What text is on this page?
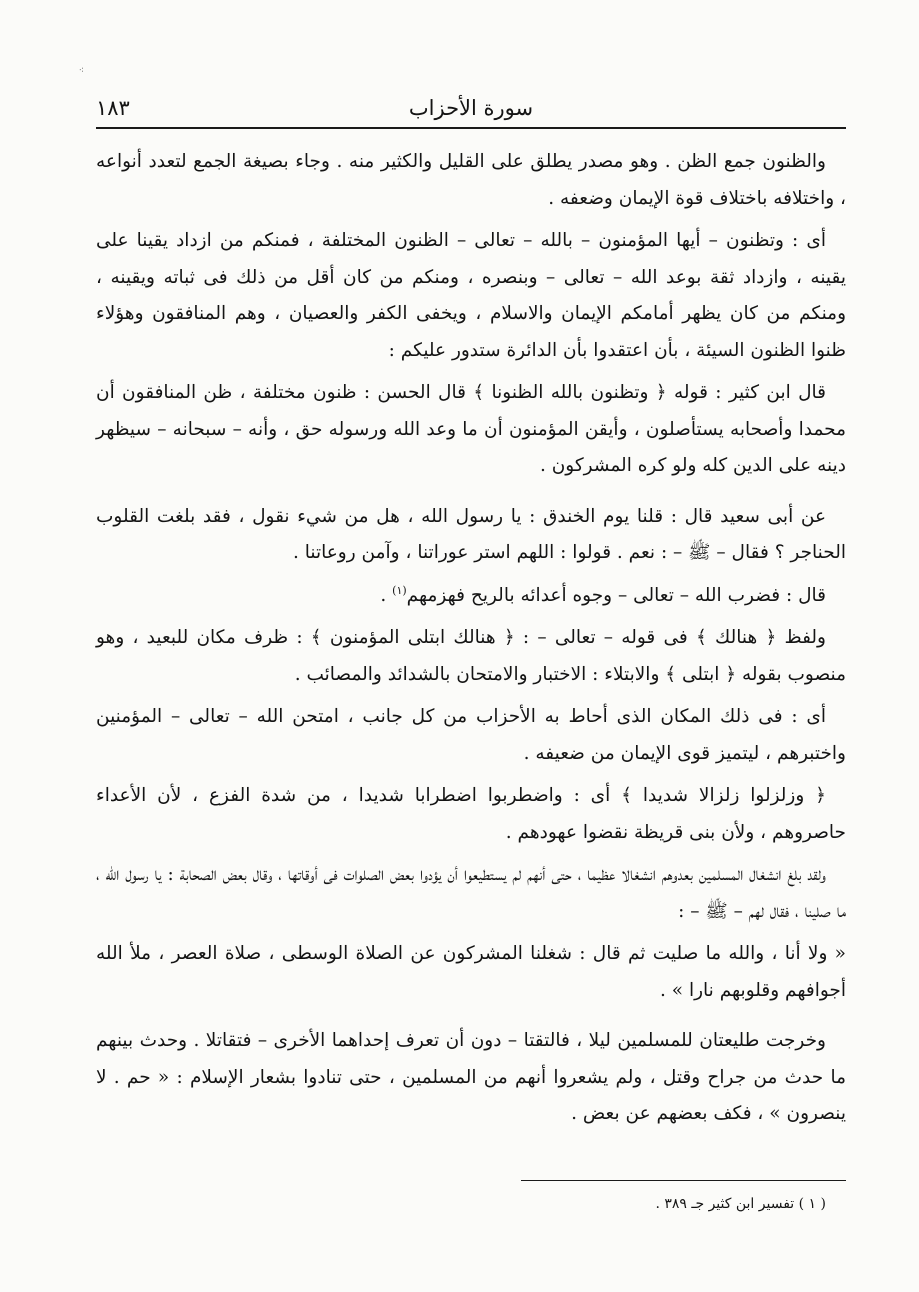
⁖
سورة الأحزاب
١٨٣

والظنون جمع الظن . وهو مصدر يطلق على القليل والكثير منه . وجاء بصيغة الجمع لتعدد أنواعه ، واختلافه باختلاف قوة الإيمان وضعفه .

أى : وتظنون – أيها المؤمنون – بالله – تعالى – الظنون المختلفة ، فمنكم من ازداد يقينا على يقينه ، وازداد ثقة بوعد الله – تعالى – وبنصره ، ومنكم من كان أقل من ذلك فى ثباته ويقينه ، ومنكم من كان يظهر أمامكم الإيمان والاسلام ، ويخفى الكفر والعصيان ، وهم المنافقون وهؤلاء ظنوا الظنون السيئة ، بأن اعتقدوا بأن الدائرة ستدور عليكم :

قال ابن كثير : قوله ﴿ وتظنون بالله الظنونا ﴾ قال الحسن : ظنون مختلفة ، ظن المنافقون أن محمدا وأصحابه يستأصلون ، وأيقن المؤمنون أن ما وعد الله ورسوله حق ، وأنه – سبحانه – سيظهر دينه على الدين كله ولو كره المشركون .

عن أبى سعيد قال : قلنا يوم الخندق : يا رسول الله ، هل من شيء نقول ، فقد بلغت القلوب الحناجر ؟ فقال – ﷺ – : نعم . قولوا : اللهم استر عوراتنا ، وآمن روعاتنا .

قال : فضرب الله – تعالى – وجوه أعدائه بالريح فهزمهم$^{(١)}$ .

ولفظ ﴿ هنالك ﴾ فى قوله – تعالى – : ﴿ هنالك ابتلى المؤمنون ﴾ : ظرف مكان للبعيد ، وهو منصوب بقوله ﴿ ابتلى ﴾ والابتلاء : الاختبار والامتحان بالشدائد والمصائب .

أى : فى ذلك المكان الذى أحاط به الأحزاب من كل جانب ، امتحن الله – تعالى – المؤمنين واختبرهم ، ليتميز قوى الإيمان من ضعيفه .

﴿ وزلزلوا زلزالا شديدا ﴾ أى : واضطربوا اضطرابا شديدا ، من شدة الفزع ، لأن الأعداء حاصروهم ، ولأن بنى قريظة نقضوا عهودهم .

ولقد بلغ انشغال المسلمين بعدوهم انشغالا عظيما ، حتى أنهم لم يستطيعوا أن يؤدوا بعض الصلوات فى أوقاتها ، وقال بعض الصحابة : يا رسول الله ، ما صلينا ، فقال لهم – ﷺ – :

« ولا أنا ، والله ما صليت ثم قال : شغلنا المشركون عن الصلاة الوسطى ، صلاة العصر ، ملأ الله أجوافهم وقلوبهم نارا » .

وخرجت طليعتان للمسلمين ليلا ، فالتقتا – دون أن تعرف إحداهما الأخرى – فتقاتلا . وحدث بينهم ما حدث من جراح وقتل ، ولم يشعروا أنهم من المسلمين ، حتى تنادوا بشعار الإسلام : « حم . لا ينصرون » ، فكف بعضهم عن بعض .

( ١ ) تفسير ابن كثير جـ ٣٨٩ .
